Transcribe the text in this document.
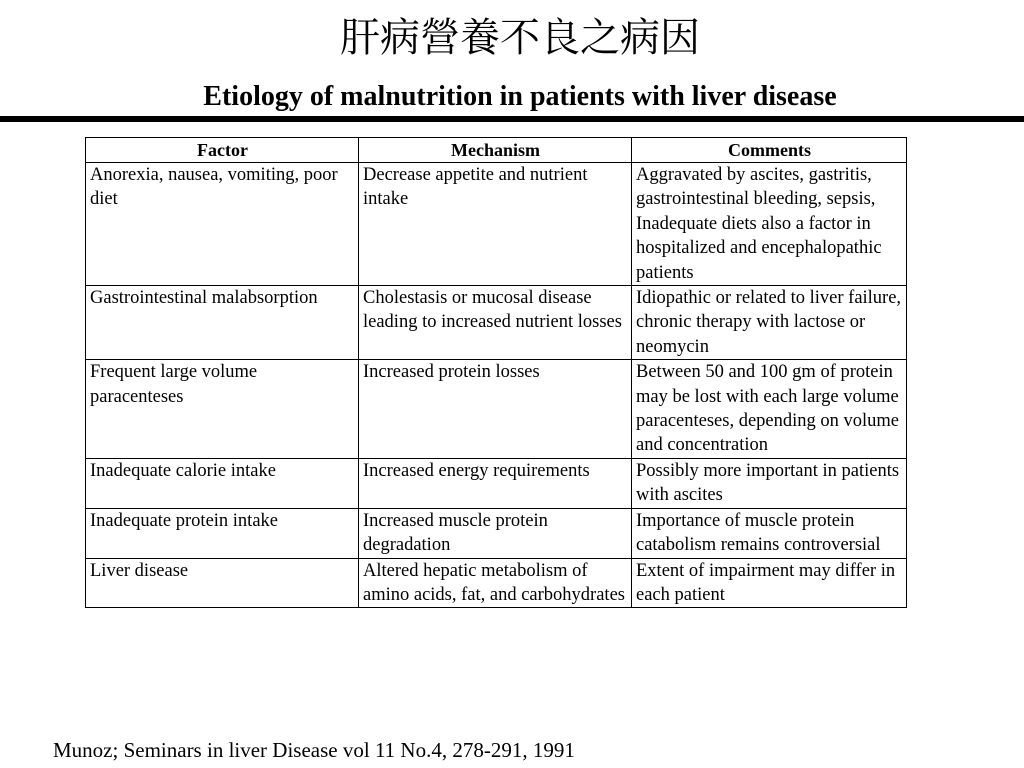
肝病營養不良之病因
Etiology of malnutrition in patients with liver disease
Factor	Mechanism	Comments
Anorexia, nausea, vomiting, poor diet	Decrease appetite and nutrient intake	Aggravated by ascites, gastritis, gastrointestinal bleeding, sepsis, Inadequate diets also a factor in hospitalized and encephalopathic patients
Gastrointestinal malabsorption	Cholestasis or mucosal disease leading to increased nutrient losses	Idiopathic or related to liver failure, chronic therapy with lactose or neomycin
Frequent large volume paracenteses	Increased protein losses	Between 50 and 100 gm of protein may be lost with each large volume paracenteses, depending on volume and concentration
Inadequate calorie intake	Increased energy requirements	Possibly more important in patients with ascites
Inadequate protein intake	Increased muscle protein degradation	Importance of muscle protein catabolism remains controversial
Liver disease	Altered hepatic metabolism of amino acids, fat, and carbohydrates	Extent of impairment may differ in each patient
Munoz; Seminars in liver Disease vol 11 No.4, 278-291, 1991
